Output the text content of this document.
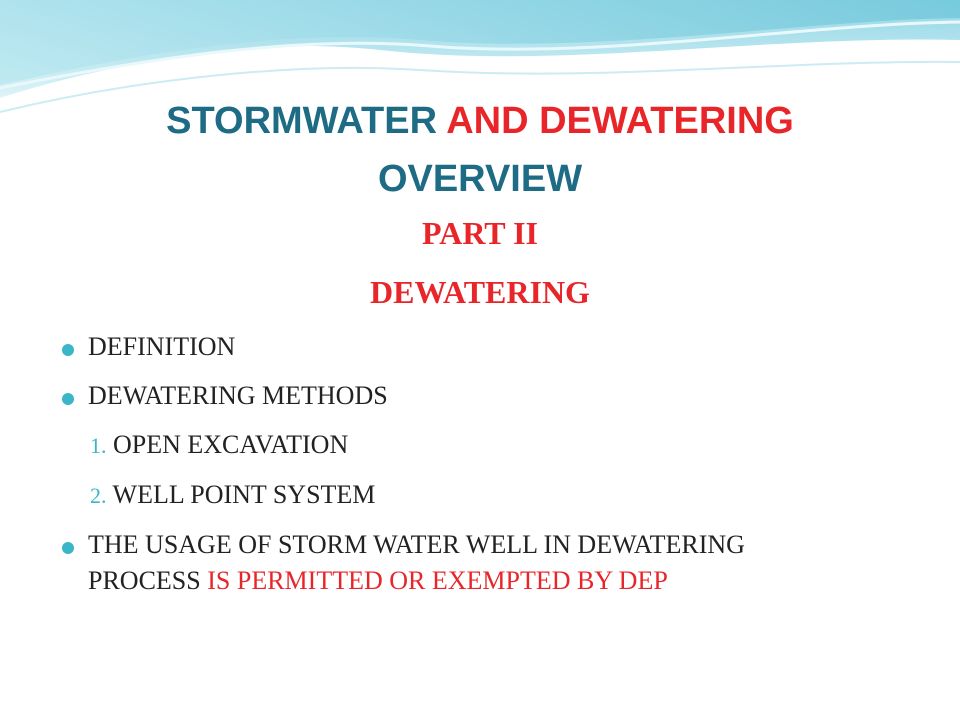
STORMWATER AND DEWATERING
OVERVIEW
PART II
DEWATERING
DEFINITION
DEWATERING METHODS
1. OPEN EXCAVATION
2. WELL POINT SYSTEM
THE USAGE OF STORM WATER WELL IN DEWATERING
PROCESS IS PERMITTED OR EXEMPTED BY DEP
